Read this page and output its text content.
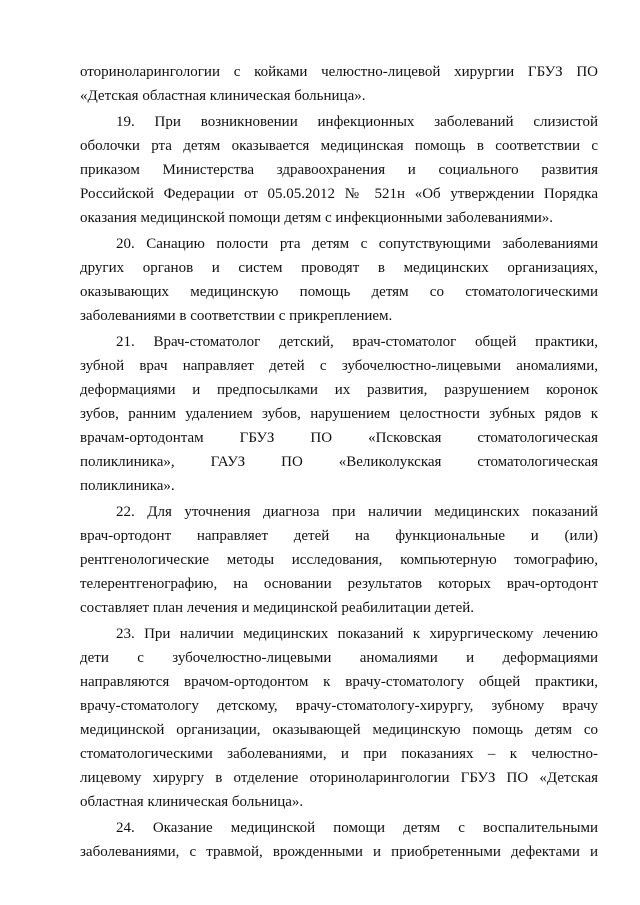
оториноларингологии с койками челюстно-лицевой хирургии ГБУЗ ПО
«Детская областная клиническая больница».
19. При возникновении инфекционных заболеваний слизистой
оболочки рта детям оказывается медицинская помощь в соответствии с
приказом Министерства здравоохранения и социального развития
Российской Федерации от 05.05.2012 № 521н «Об утверждении Порядка
оказания медицинской помощи детям с инфекционными заболеваниями».
20. Санацию полости рта детям с сопутствующими заболеваниями
других органов и систем проводят в медицинских организациях,
оказывающих медицинскую помощь детям со стоматологическими
заболеваниями в соответствии с прикреплением.
21. Врач-стоматолог детский, врач-стоматолог общей практики,
зубной врач направляет детей с зубочелюстно-лицевыми аномалиями,
деформациями и предпосылками их развития, разрушением коронок
зубов, ранним удалением зубов, нарушением целостности зубных рядов к
врачам-ортодонтам ГБУЗ ПО «Псковская стоматологическая
поликлиника», ГАУЗ ПО «Великолукская стоматологическая
поликлиника».
22. Для уточнения диагноза при наличии медицинских показаний
врач-ортодонт направляет детей на функциональные и (или)
рентгенологические методы исследования, компьютерную томографию,
телерентгенографию, на основании результатов которых врач-ортодонт
составляет план лечения и медицинской реабилитации детей.
23. При наличии медицинских показаний к хирургическому лечению
дети с зубочелюстно-лицевыми аномалиями и деформациями
направляются врачом-ортодонтом к врачу-стоматологу общей практики,
врачу-стоматологу детскому, врачу-стоматологу-хирургу, зубному врачу
медицинской организации, оказывающей медицинскую помощь детям со
стоматологическими заболеваниями, и при показаниях – к челюстно-
лицевому хирургу в отделение оториноларингологии ГБУЗ ПО «Детская
областная клиническая больница».
24. Оказание медицинской помощи детям с воспалительными
заболеваниями, с травмой, врожденными и приобретенными дефектами и
